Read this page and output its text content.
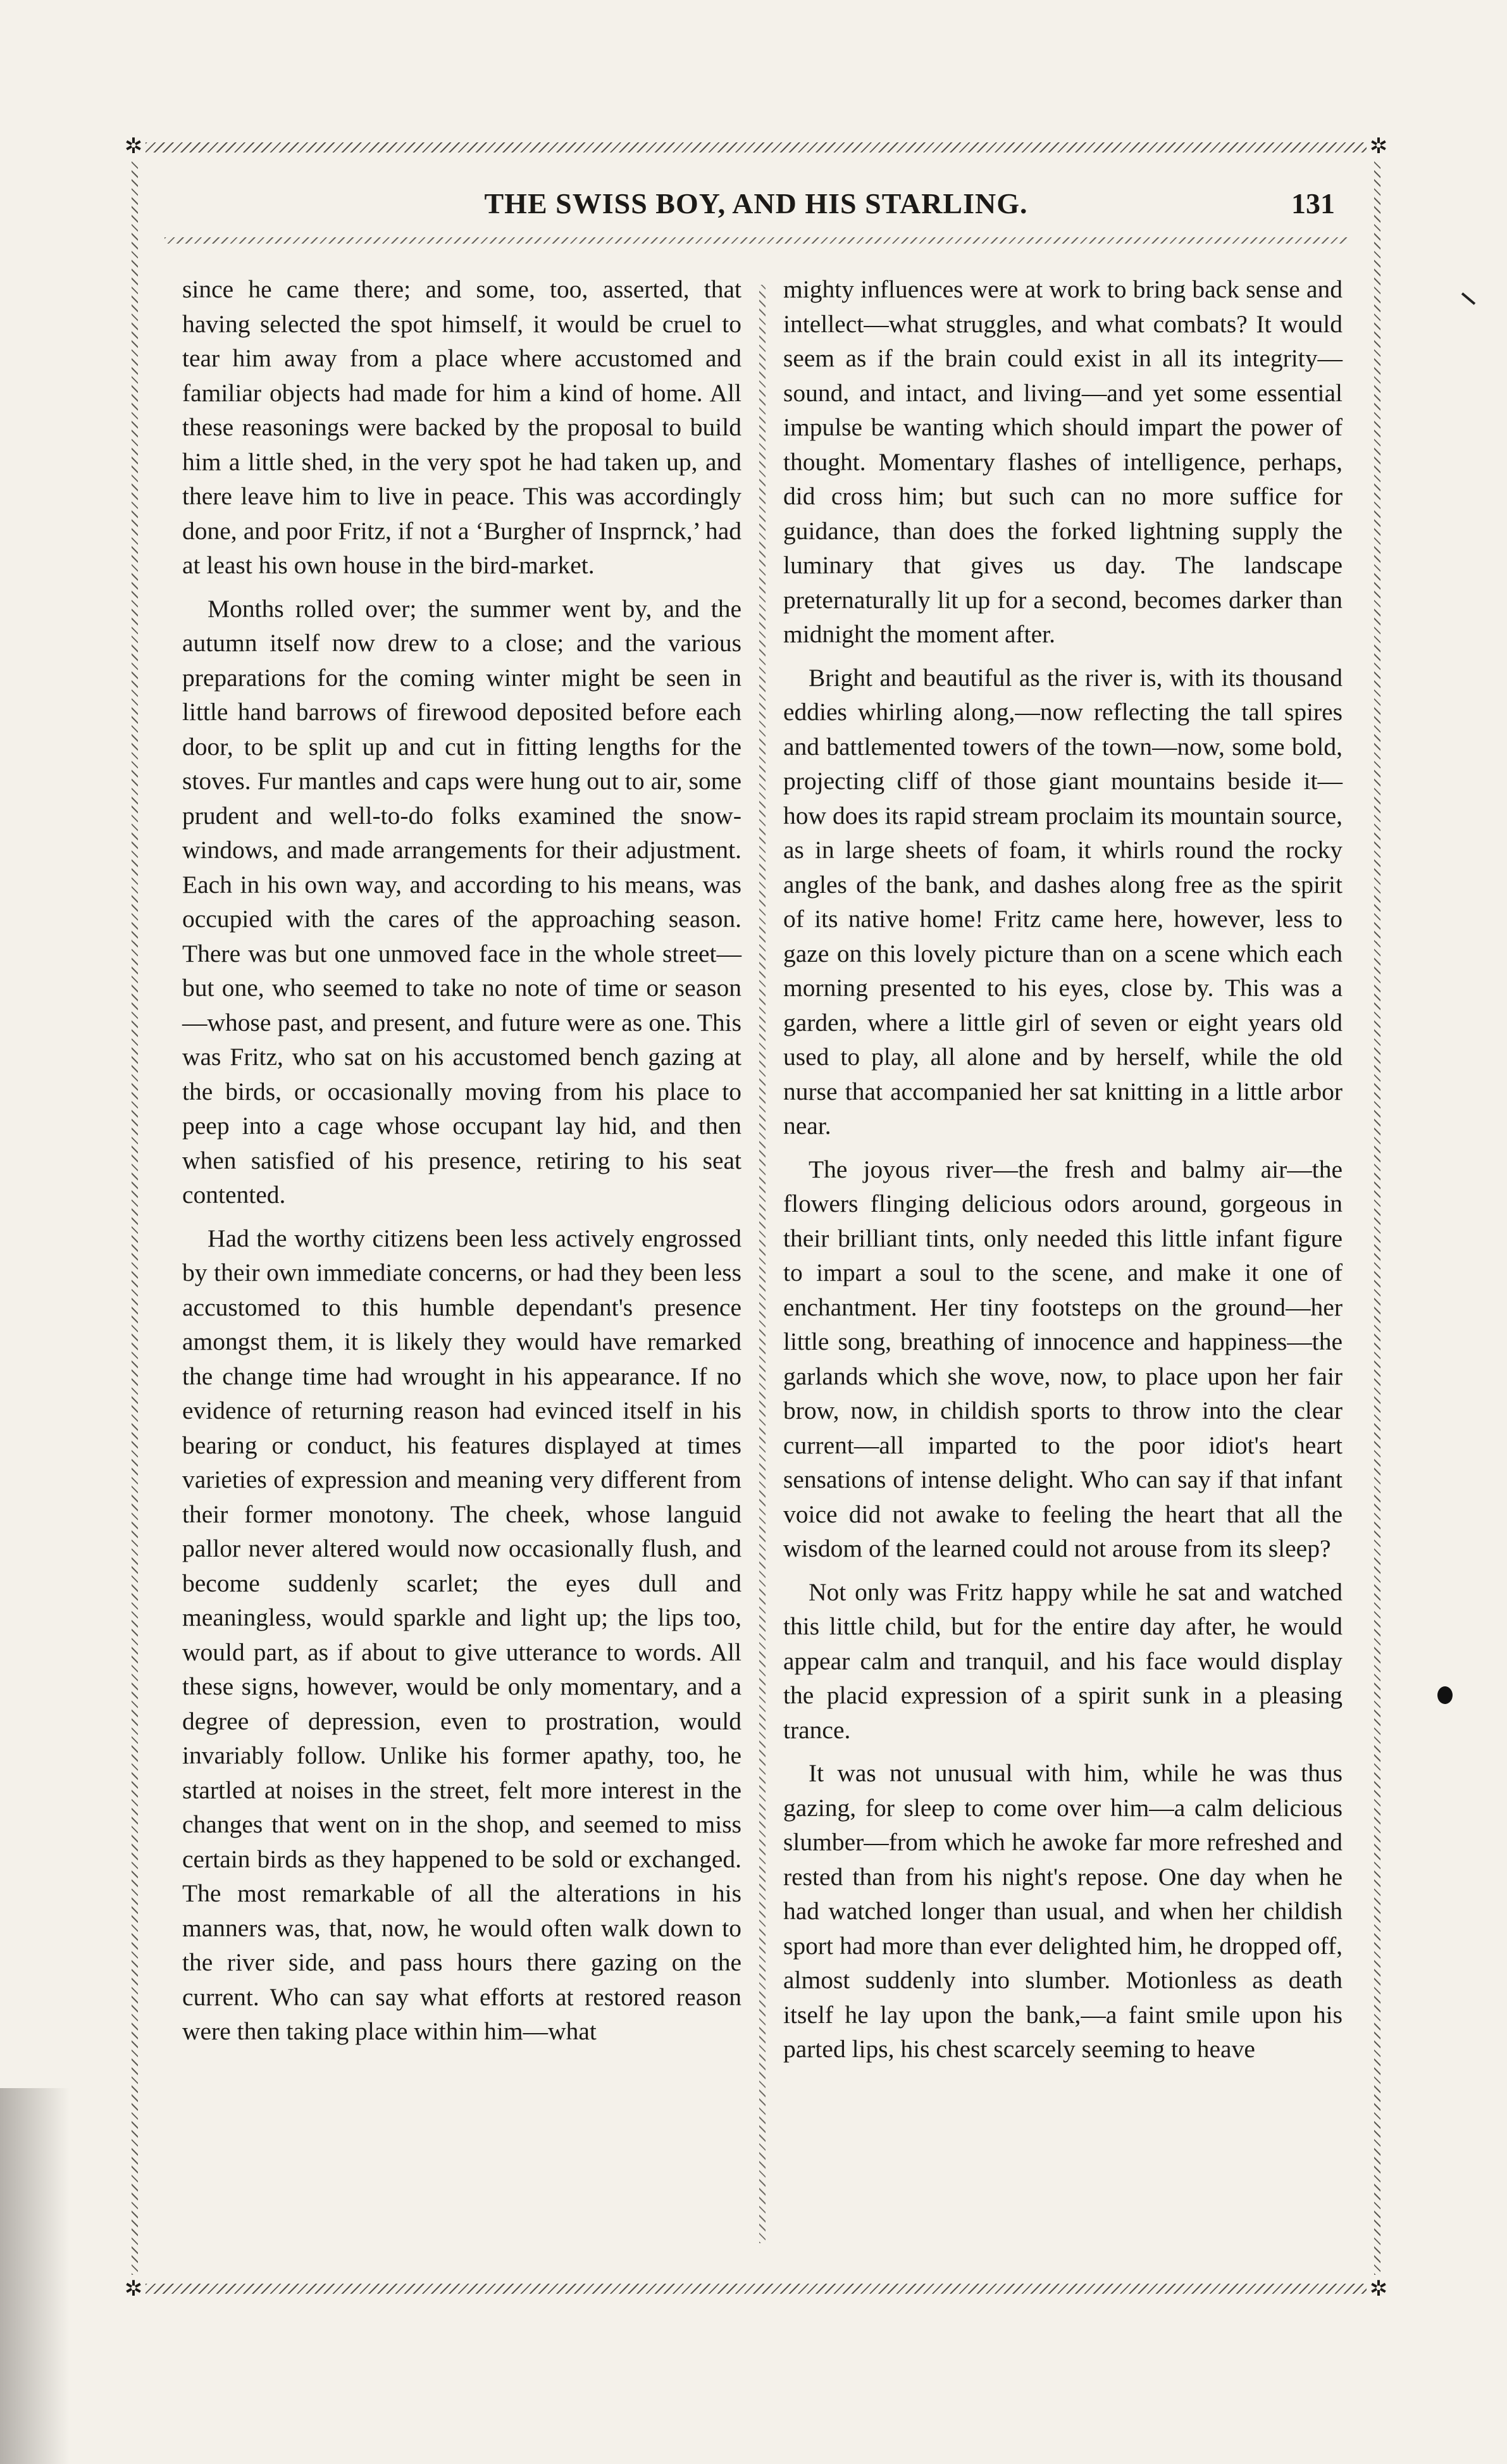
✲	✲
✲	✲
THE SWISS BOY, AND HIS STARLING.	131

since he came there; and some, too, asserted, that having selected the spot himself, it would be cruel to tear him away from a place where accustomed and familiar objects had made for him a kind of home. All these reasonings were backed by the proposal to build him a little shed, in the very spot he had taken up, and there leave him to live in peace. This was accordingly done, and poor Fritz, if not a ‘Burgher of Insprnck,’ had at least his own house in the bird-market.

Months rolled over; the summer went by, and the autumn itself now drew to a close; and the various preparations for the coming winter might be seen in little hand barrows of firewood deposited before each door, to be split up and cut in fitting lengths for the stoves. Fur mantles and caps were hung out to air, some prudent and well-to-do folks examined the snow-windows, and made arrangements for their adjustment. Each in his own way, and according to his means, was occupied with the cares of the approaching season. There was but one unmoved face in the whole street—but one, who seemed to take no note of time or season—whose past, and present, and future were as one. This was Fritz, who sat on his accustomed bench gazing at the birds, or occasionally moving from his place to peep into a cage whose occupant lay hid, and then when satisfied of his presence, retiring to his seat contented.

Had the worthy citizens been less actively engrossed by their own immediate concerns, or had they been less accustomed to this humble dependant's presence amongst them, it is likely they would have remarked the change time had wrought in his appearance. If no evidence of returning reason had evinced itself in his bearing or conduct, his features displayed at times varieties of expression and meaning very different from their former monotony. The cheek, whose languid pallor never altered would now occasionally flush, and become suddenly scarlet; the eyes dull and meaningless, would sparkle and light up; the lips too, would part, as if about to give utterance to words. All these signs, however, would be only momentary, and a degree of depression, even to prostration, would invariably follow. Unlike his former apathy, too, he startled at noises in the street, felt more interest in the changes that went on in the shop, and seemed to miss certain birds as they happened to be sold or exchanged. The most remarkable of all the alterations in his manners was, that, now, he would often walk down to the river side, and pass hours there gazing on the current. Who can say what efforts at restored reason were then taking place within him—what

mighty influences were at work to bring back sense and intellect—what struggles, and what combats? It would seem as if the brain could exist in all its integrity—sound, and intact, and living—and yet some essential impulse be wanting which should impart the power of thought. Momentary flashes of intelligence, perhaps, did cross him; but such can no more suffice for guidance, than does the forked lightning supply the luminary that gives us day. The landscape preternaturally lit up for a second, becomes darker than midnight the moment after.

Bright and beautiful as the river is, with its thousand eddies whirling along,—now reflecting the tall spires and battlemented towers of the town—now, some bold, projecting cliff of those giant mountains beside it—how does its rapid stream proclaim its mountain source, as in large sheets of foam, it whirls round the rocky angles of the bank, and dashes along free as the spirit of its native home! Fritz came here, however, less to gaze on this lovely picture than on a scene which each morning presented to his eyes, close by. This was a garden, where a little girl of seven or eight years old used to play, all alone and by herself, while the old nurse that accompanied her sat knitting in a little arbor near.

The joyous river—the fresh and balmy air—the flowers flinging delicious odors around, gorgeous in their brilliant tints, only needed this little infant figure to impart a soul to the scene, and make it one of enchantment. Her tiny footsteps on the ground—her little song, breathing of innocence and happiness—the garlands which she wove, now, to place upon her fair brow, now, in childish sports to throw into the clear current—all imparted to the poor idiot's heart sensations of intense delight. Who can say if that infant voice did not awake to feeling the heart that all the wisdom of the learned could not arouse from its sleep?

Not only was Fritz happy while he sat and watched this little child, but for the entire day after, he would appear calm and tranquil, and his face would display the placid expression of a spirit sunk in a pleasing trance.

It was not unusual with him, while he was thus gazing, for sleep to come over him—a calm delicious slumber—from which he awoke far more refreshed and rested than from his night's repose. One day when he had watched longer than usual, and when her childish sport had more than ever delighted him, he dropped off, almost suddenly into slumber. Motionless as death itself he lay upon the bank,—a faint smile upon his parted lips, his chest scarcely seeming to heave
